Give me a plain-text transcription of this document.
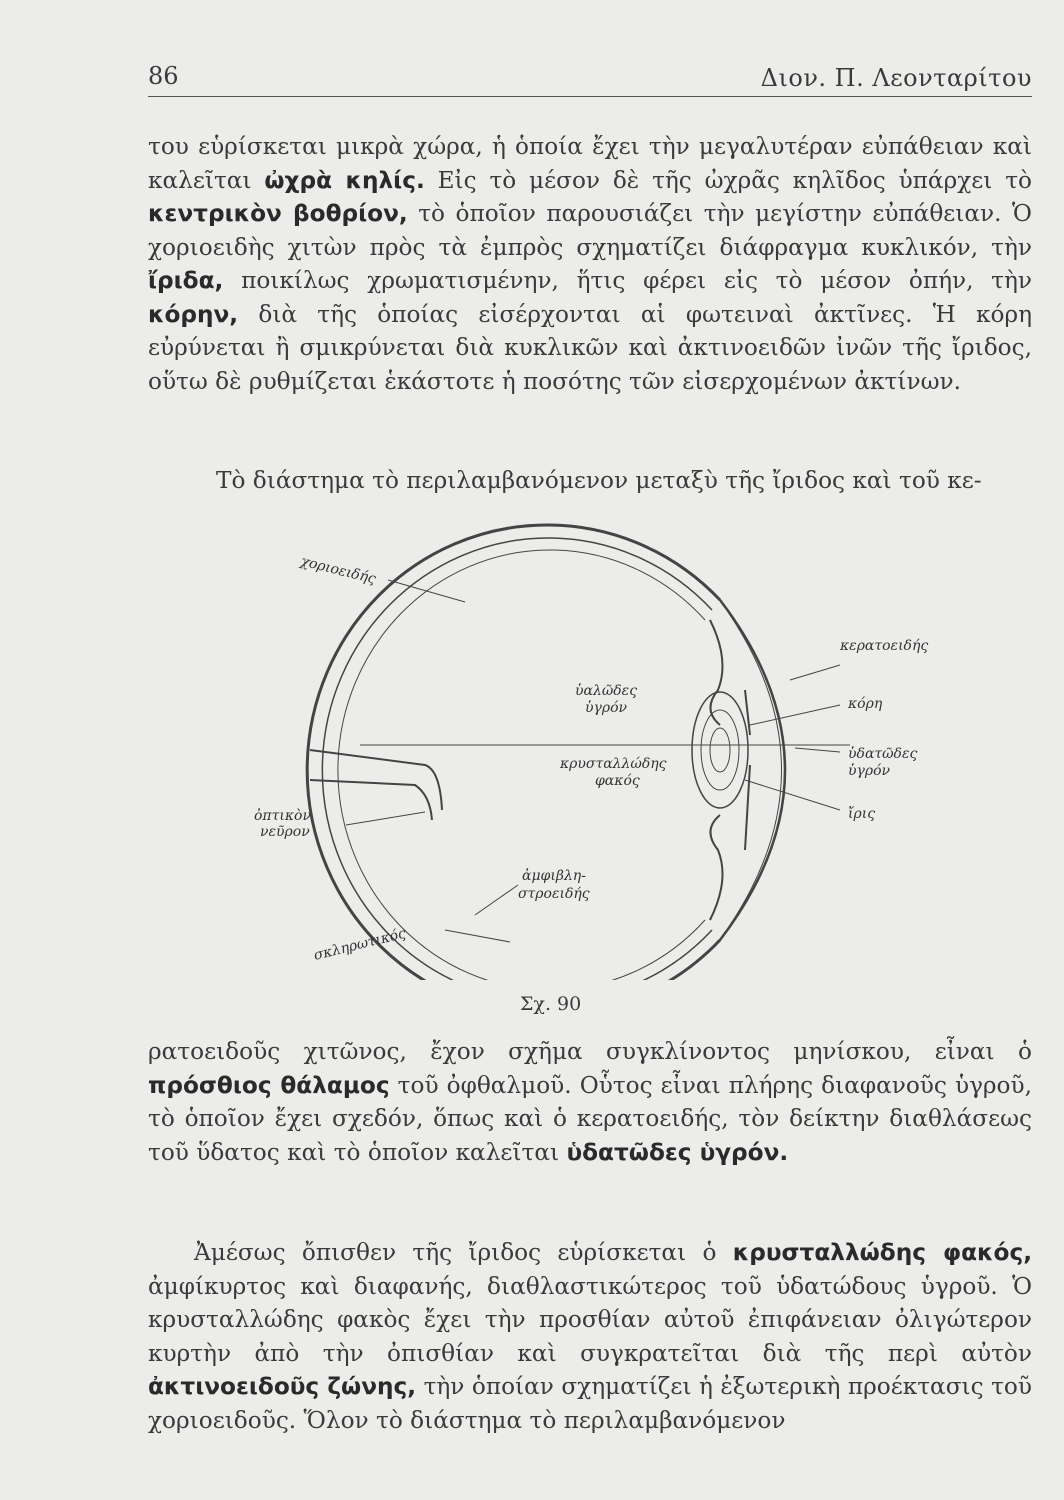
86	Διον. Π. Λεονταρίτου
του εὑρίσκεται μικρὰ χώρα, ἡ ὁποία ἔχει τὴν μεγαλυτέραν εὐπάθειαν καὶ καλεῖται ὠχρὰ κηλίς. Εἰς τὸ μέσον δὲ τῆς ὠχρᾶς κηλῖδος ὑπάρχει τὸ κεντρικὸν βοθρίον, τὸ ὁποῖον παρουσιάζει τὴν μεγίστην εὐπάθειαν. Ὁ χοριοειδὴς χιτὼν πρὸς τὰ ἐμπρὸς σχηματίζει διάφραγμα κυκλικόν, τὴν ἴριδα, ποικίλως χρωματισμένην, ἥτις φέρει εἰς τὸ μέσον ὀπήν, τὴν κόρην, διὰ τῆς ὁποίας εἰσέρχονται αἱ φωτειναὶ ἀκτῖνες. Ἡ κόρη εὐρύνεται ἢ σμικρύνεται διὰ κυκλικῶν καὶ ἀκτινοειδῶν ἰνῶν τῆς ἴριδος, οὕτω δὲ ρυθμίζεται ἑκάστοτε ἡ ποσότης τῶν εἰσερχομένων ἀκτίνων.
Τὸ διάστημα τὸ περιλαμβανόμενον μεταξὺ τῆς ἴριδος καὶ τοῦ κε-
χοριοειδής
κερατοειδής
ὑαλῶδες
ὑγρόν	κόρη
κρυσταλλώδης
φακός
ὑδατῶδες
ὑγρόν
ἴρις
ὀπτικὸν
νεῦρον
ἀμφιβλη-
στροειδής
σκληρωτικός
Σχ. 90
ρατοειδοῦς χιτῶνος, ἔχον σχῆμα συγκλίνοντος μηνίσκου, εἶναι ὁ πρόσθιος θάλαμος τοῦ ὀφθαλμοῦ. Οὗτος εἶναι πλήρης διαφανοῦς ὑγροῦ, τὸ ὁποῖον ἔχει σχεδόν, ὅπως καὶ ὁ κερατοειδής, τὸν δείκτην διαθλάσεως τοῦ ὕδατος καὶ τὸ ὁποῖον καλεῖται ὑδατῶδες ὑγρόν.
Ἀμέσως ὄπισθεν τῆς ἴριδος εὑρίσκεται ὁ κρυσταλλώδης φακός, ἀμφίκυρτος καὶ διαφανής, διαθλαστικώτερος τοῦ ὑδατώδους ὑγροῦ. Ὁ κρυσταλλώδης φακὸς ἔχει τὴν προσθίαν αὐτοῦ ἐπιφάνειαν ὀλιγώτερον κυρτὴν ἀπὸ τὴν ὀπισθίαν καὶ συγκρατεῖται διὰ τῆς περὶ αὐτὸν ἀκτινοειδοῦς ζώνης, τὴν ὁποίαν σχηματίζει ἡ ἐξωτερικὴ προέκτασις τοῦ χοριοειδοῦς. Ὅλον τὸ διάστημα τὸ περιλαμβανόμενον
